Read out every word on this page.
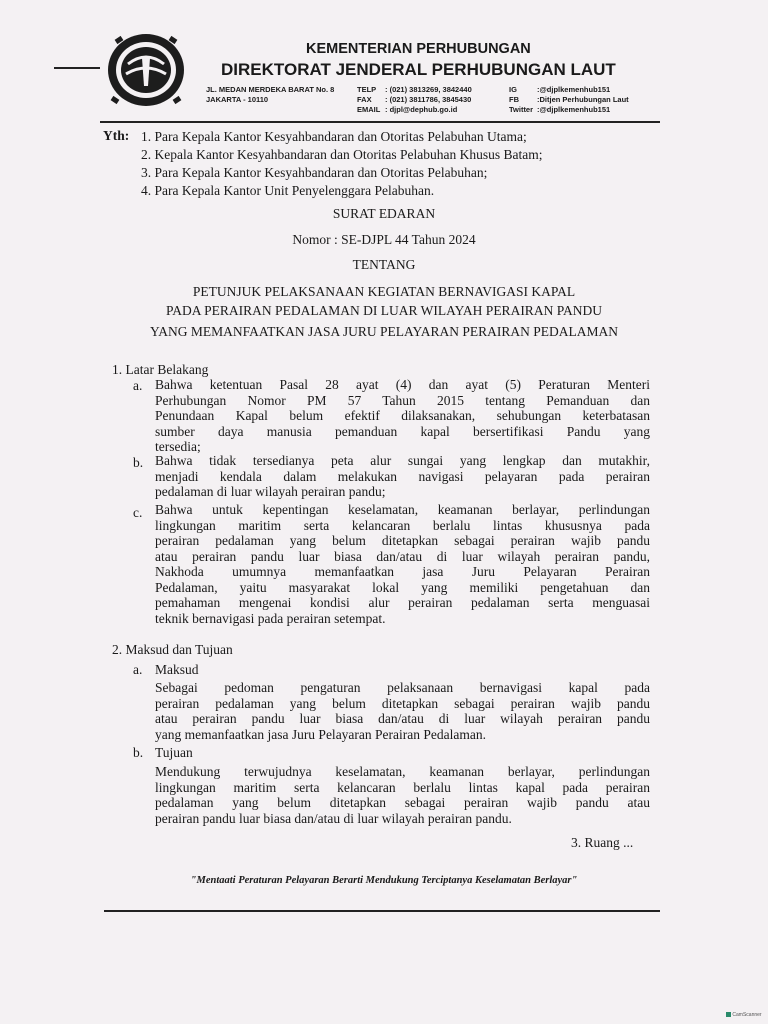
KEMENTERIAN PERHUBUNGAN
DIREKTORAT JENDERAL PERHUBUNGAN LAUT
JL. MEDAN MERDEKA BARAT No. 8
JAKARTA - 10110
TELP : (021) 3813269, 3842440
FAX : (021) 3811786, 3845430
EMAIL : djpl@dephub.go.id
IG	:@djplkemenhub151
FB :Ditjen Perhubungan Laut
Twitter :@djplkemenhub151
Yth: 1. Para Kepala Kantor Kesyahbandaran dan Otoritas Pelabuhan Utama;
2. Kepala Kantor Kesyahbandaran dan Otoritas Pelabuhan Khusus Batam;
3. Para Kepala Kantor Kesyahbandaran dan Otoritas Pelabuhan;
4. Para Kepala Kantor Unit Penyelenggara Pelabuhan.
SURAT EDARAN
Nomor : SE-DJPL 44 Tahun 2024
TENTANG
PETUNJUK PELAKSANAAN KEGIATAN BERNAVIGASI KAPAL
PADA PERAIRAN PEDALAMAN DI LUAR WILAYAH PERAIRAN PANDU
YANG MEMANFAATKAN JASA JURU PELAYARAN PERAIRAN PEDALAMAN
1. Latar Belakang
a. Bahwa ketentuan Pasal 28 ayat (4) dan ayat (5) Peraturan Menteri
Perhubungan Nomor PM 57 Tahun 2015 tentang Pemanduan dan
Penundaan Kapal belum efektif dilaksanakan, sehubungan keterbatasan
sumber daya manusia pemanduan kapal bersertifikasi Pandu yang
tersedia;
b. Bahwa tidak tersedianya peta alur sungai yang lengkap dan mutakhir,
menjadi kendala dalam melakukan navigasi pelayaran pada perairan
pedalaman di luar wilayah perairan pandu;
c. Bahwa untuk kepentingan keselamatan, keamanan berlayar, perlindungan
lingkungan maritim serta kelancaran berlalu lintas khususnya pada
perairan pedalaman yang belum ditetapkan sebagai perairan wajib pandu
atau perairan pandu luar biasa dan/atau di luar wilayah perairan pandu,
Nakhoda umumnya memanfaatkan jasa Juru Pelayaran Perairan
Pedalaman, yaitu masyarakat lokal yang memiliki pengetahuan dan
pemahaman mengenai kondisi alur perairan pedalaman serta menguasai
teknik bernavigasi pada perairan setempat.
2. Maksud dan Tujuan
a. Maksud
Sebagai pedoman pengaturan pelaksanaan bernavigasi kapal pada
perairan pedalaman yang belum ditetapkan sebagai perairan wajib pandu
atau perairan pandu luar biasa dan/atau di luar wilayah perairan pandu
yang memanfaatkan jasa Juru Pelayaran Perairan Pedalaman.
b. Tujuan
Mendukung terwujudnya keselamatan, keamanan berlayar, perlindungan
lingkungan maritim serta kelancaran berlalu lintas kapal pada perairan
pedalaman yang belum ditetapkan sebagai perairan wajib pandu atau
perairan pandu luar biasa dan/atau di luar wilayah perairan pandu.
3. Ruang ...
"Mentaati Peraturan Pelayaran Berarti Mendukung Terciptanya Keselamatan Berlayar"
CamScanner
